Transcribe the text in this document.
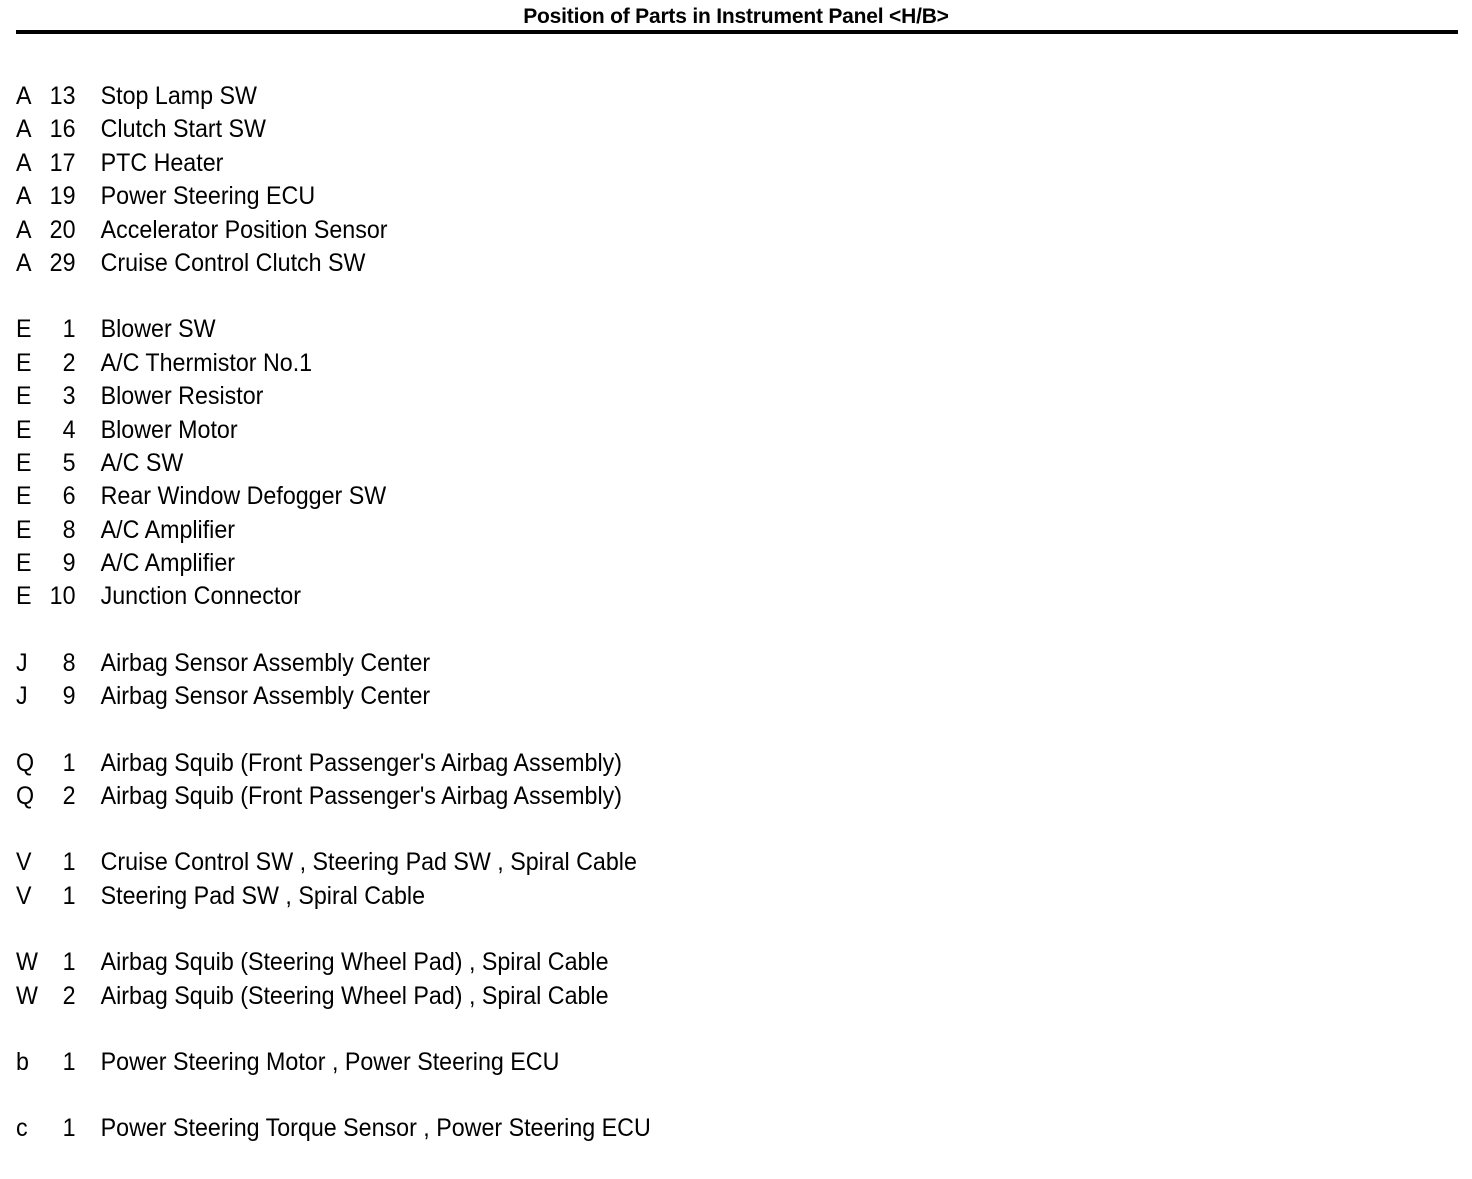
Position of Parts in Instrument Panel <H/B>
A 13 Stop Lamp SW
A 16 Clutch Start SW
A 17 PTC Heater
A 19 Power Steering ECU
A 20 Accelerator Position Sensor
A 29 Cruise Control Clutch SW
E	1 Blower SW
E	2 A/C Thermistor No.1
E	3 Blower Resistor
E	4 Blower Motor
E	5 A/C SW
E	6 Rear Window Defogger SW
E	8 A/C Amplifier
E	9 A/C Amplifier
E 10 Junction Connector
J	8 Airbag Sensor Assembly Center
J	9 Airbag Sensor Assembly Center
Q	1 Airbag Squib (Front Passenger's Airbag Assembly)
Q	2 Airbag Squib (Front Passenger's Airbag Assembly)
V	1 Cruise Control SW , Steering Pad SW , Spiral Cable
V	1 Steering Pad SW , Spiral Cable
W 1 Airbag Squib (Steering Wheel Pad) , Spiral Cable
W 2 Airbag Squib (Steering Wheel Pad) , Spiral Cable
b	1 Power Steering Motor , Power Steering ECU
c	1 Power Steering Torque Sensor , Power Steering ECU
